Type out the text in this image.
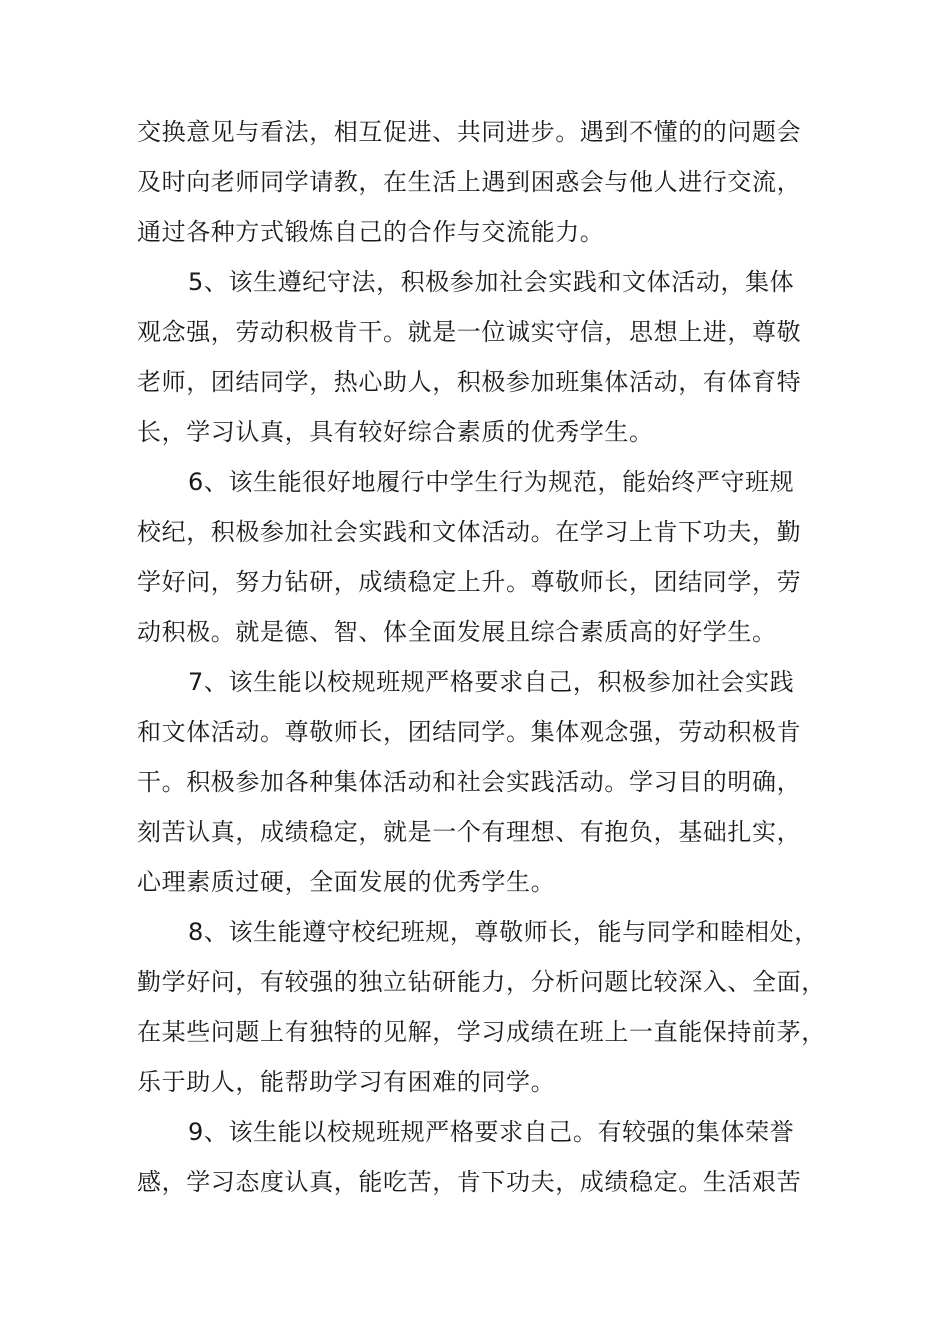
交换意见与看法，相互促进、共同进步。遇到不懂的的问题会
及时向老师同学请教，在生活上遇到困惑会与他人进行交流，
通过各种方式锻炼自己的合作与交流能力。
5、该生遵纪守法，积极参加社会实践和文体活动，集体
观念强，劳动积极肯干。就是一位诚实守信，思想上进，尊敬
老师，团结同学，热心助人，积极参加班集体活动，有体育特
长，学习认真，具有较好综合素质的优秀学生。
6、该生能很好地履行中学生行为规范，能始终严守班规
校纪，积极参加社会实践和文体活动。在学习上肯下功夫，勤
学好问，努力钻研，成绩稳定上升。尊敬师长，团结同学，劳
动积极。就是德、智、体全面发展且综合素质高的好学生。
7、该生能以校规班规严格要求自己，积极参加社会实践
和文体活动。尊敬师长，团结同学。集体观念强，劳动积极肯
干。积极参加各种集体活动和社会实践活动。学习目的明确，
刻苦认真，成绩稳定，就是一个有理想、有抱负，基础扎实，
心理素质过硬，全面发展的优秀学生。
8、该生能遵守校纪班规，尊敬师长，能与同学和睦相处，
勤学好问，有较强的独立钻研能力，分析问题比较深入、全面，
在某些问题上有独特的见解，学习成绩在班上一直能保持前茅，
乐于助人，能帮助学习有困难的同学。
9、该生能以校规班规严格要求自己。有较强的集体荣誉
感，学习态度认真，能吃苦，肯下功夫，成绩稳定。生活艰苦
